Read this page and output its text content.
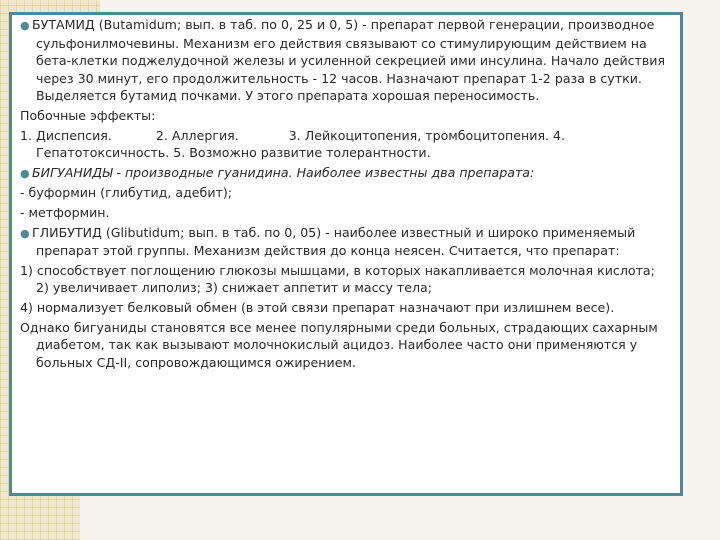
● БУТАМИД (Butamidum; вып. в таб. по 0, 25 и 0, 5) - препарат первой генерации, производное сульфонилмочевины. Механизм его действия связывают со стимулирующим действием на бета-клетки поджелудочной железы и усиленной секрецией ими инсулина. Начало действия через 30 минут, его продолжительность - 12 часов. Назначают препарат 1-2 раза в сутки. Выделяется бутамид почками. У этого препарата хорошая переносимость.

Побочные эффекты:

1. Диспепсия.	2. Аллергия.	3. Лейкоцитопения, тромбоцитопения. 4. Гепатотоксичность. 5. Возможно развитие толерантности.

● БИГУАНИДЫ - производные гуанидина. Наиболее известны два препарата:

- буформин (глибутид, адебит);

- метформин.

● ГЛИБУТИД (Glibutidum; вып. в таб. по 0, 05) - наиболее известный и широко применяемый препарат этой группы. Механизм действия до конца неясен. Считается, что препарат:

1) способствует поглощению глюкозы мышцами, в которых накапливается молочная кислота; 2) увеличивает липолиз; 3) снижает аппетит и массу тела;

4) нормализует белковый обмен (в этой связи препарат назначают при излишнем весе).

Однако бигуаниды становятся все менее популярными среди больных, страдающих сахарным диабетом, так как вызывают молочнокислый ацидоз. Наиболее часто они применяются у больных СД-II, сопровождающимся ожирением.
